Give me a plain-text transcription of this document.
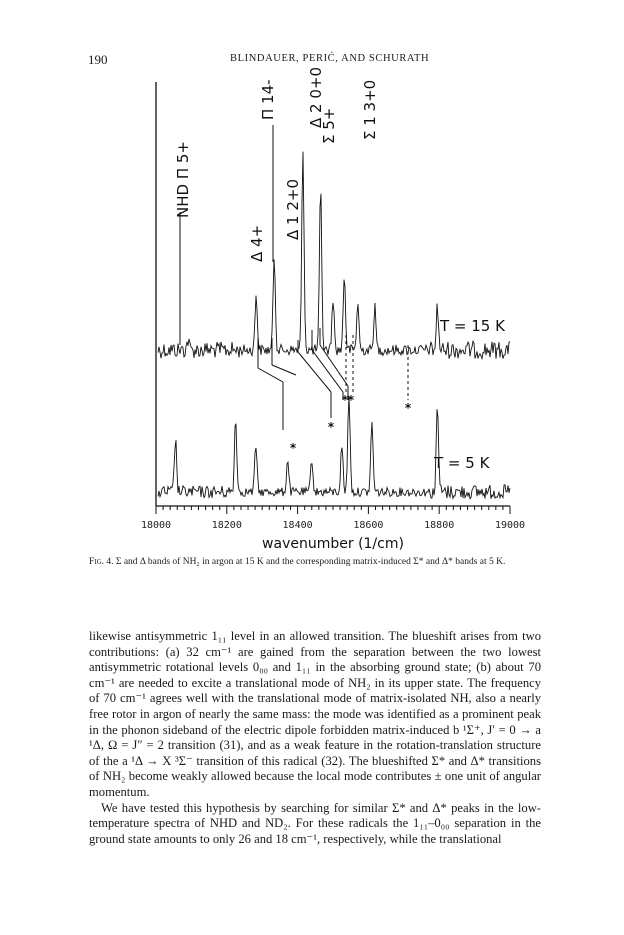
190	BLINDAUER, PERIĆ, AND SCHURATH
18000	18200	18400	18600	18800	19000
wavenumber (1/cm)
NHD Π 5+
Δ 4+
Δ 1 2+0
Π 14- Δ 2 0+0
Σ 5+ Σ 1 3+0
T = 15 K
T = 5 K
*
*
* *
*
Fig. 4. Σ and Δ bands of NH₂ in argon at 15 K and the corresponding matrix-induced Σ* and Δ* bands at 5 K.

likewise antisymmetric 1₁₁ level in an allowed transition. The blueshift arises from two contributions: (a) 32 cm⁻¹ are gained from the separation between the two lowest antisymmetric rotational levels 0₀₀ and 1₁₁ in the absorbing ground state; (b) about 70 cm⁻¹ are needed to excite a translational mode of NH₂ in its upper state. The frequency of 70 cm⁻¹ agrees well with the translational mode of matrix-isolated NH, also a nearly free rotor in argon of nearly the same mass: the mode was identified as a prominent peak in the phonon sideband of the electric dipole forbidden matrix-induced b ¹Σ⁺, J′ = 0 → a ¹Δ, Ω = J″ = 2 transition (31), and as a weak feature in the rotation-translation structure of the a ¹Δ → X ³Σ⁻ transition of this radical (32). The blueshifted Σ* and Δ* transitions of NH₂ become weakly allowed because the local mode contributes ± one unit of angular momentum.

We have tested this hypothesis by searching for similar Σ* and Δ* peaks in the low-temperature spectra of NHD and ND₂. For these radicals the 1₁₁–0₀₀ separation in the ground state amounts to only 26 and 18 cm⁻¹, respectively, while the translational
